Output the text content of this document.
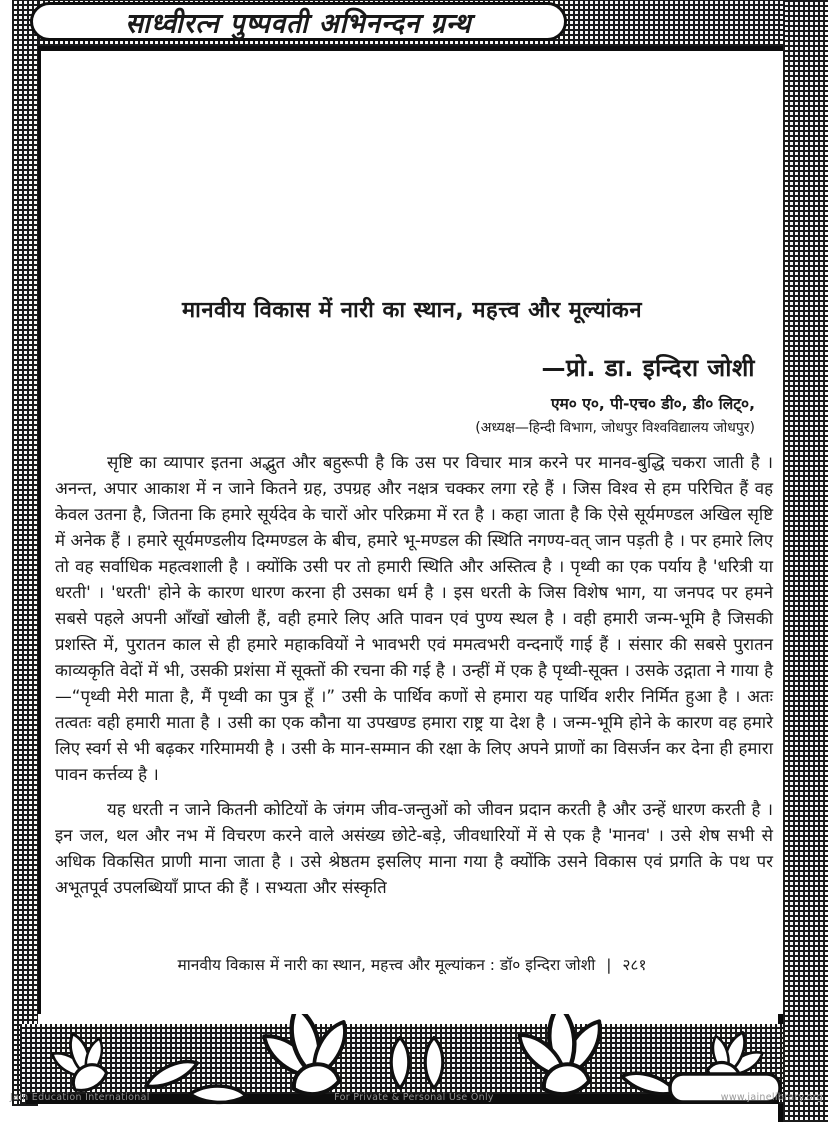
साध्वीरत्न पुष्पवती अभिनन्दन ग्रन्थ
मानवीय विकास में नारी का स्थान, महत्त्व और मूल्यांकन
—प्रो. डा. इन्दिरा जोशी
एम० ए०, पी-एच० डी०, डी० लिट्०,
(अध्यक्ष—हिन्दी विभाग, जोधपुर विश्वविद्यालय जोधपुर)

सृष्टि का व्यापार इतना अद्भुत और बहुरूपी है कि उस पर विचार मात्र करने पर मानव-बुद्धि चकरा जाती है । अनन्त, अपार आकाश में न जाने कितने ग्रह, उपग्रह और नक्षत्र चक्कर लगा रहे हैं । जिस विश्व से हम परिचित हैं वह केवल उतना है, जितना कि हमारे सूर्यदेव के चारों ओर परिक्रमा में रत है । कहा जाता है कि ऐसे सूर्यमण्डल अखिल सृष्टि में अनेक हैं । हमारे सूर्यमण्डलीय दिग्मण्डल के बीच, हमारे भू-मण्डल की स्थिति नगण्य-वत् जान पड़ती है । पर हमारे लिए तो वह सर्वाधिक महत्वशाली है । क्योंकि उसी पर तो हमारी स्थिति और अस्तित्व है । पृथ्वी का एक पर्याय है 'धरित्री या धरती' । 'धरती' होने के कारण धारण करना ही उसका धर्म है । इस धरती के जिस विशेष भाग, या जनपद पर हमने सबसे पहले अपनी आँखों खोली हैं, वही हमारे लिए अति पावन एवं पुण्य स्थल है । वही हमारी जन्म-भूमि है जिसकी प्रशस्ति में, पुरातन काल से ही हमारे महाकवियों ने भावभरी एवं ममत्वभरी वन्दनाएँ गाई हैं । संसार की सबसे पुरातन काव्यकृति वेदों में भी, उसकी प्रशंसा में सूक्तों की रचना की गई है । उन्हीं में एक है पृथ्वी-सूक्त । उसके उद्गाता ने गाया है —“पृथ्वी मेरी माता है, मैं पृथ्वी का पुत्र हूँ ।” उसी के पार्थिव कणों से हमारा यह पार्थिव शरीर निर्मित हुआ है । अतः तत्वतः वही हमारी माता है । उसी का एक कौना या उपखण्ड हमारा राष्ट्र या देश है । जन्म-भूमि होने के कारण वह हमारे लिए स्वर्ग से भी बढ़कर गरिमामयी है । उसी के मान-सम्मान की रक्षा के लिए अपने प्राणों का विसर्जन कर देना ही हमारा पावन कर्त्तव्य है ।

यह धरती न जाने कितनी कोटियों के जंगम जीव-जन्तुओं को जीवन प्रदान करती है और उन्हें धारण करती है । इन जल, थल और नभ में विचरण करने वाले असंख्य छोटे-बड़े, जीवधारियों में से एक है 'मानव' । उसे शेष सभी से अधिक विकसित प्राणी माना जाता है । उसे श्रेष्ठतम इसलिए माना गया है क्योंकि उसने विकास एवं प्रगति के पथ पर अभूतपूर्व उपलब्धियाँ प्राप्त की हैं । सभ्यता और संस्कृति

मानवीय विकास में नारी का स्थान, महत्त्व और मूल्यांकन : डॉ० इन्दिरा जोशी | २८१
Jain Education International	For Private & Personal Use Only	www.jainelibrary.org
